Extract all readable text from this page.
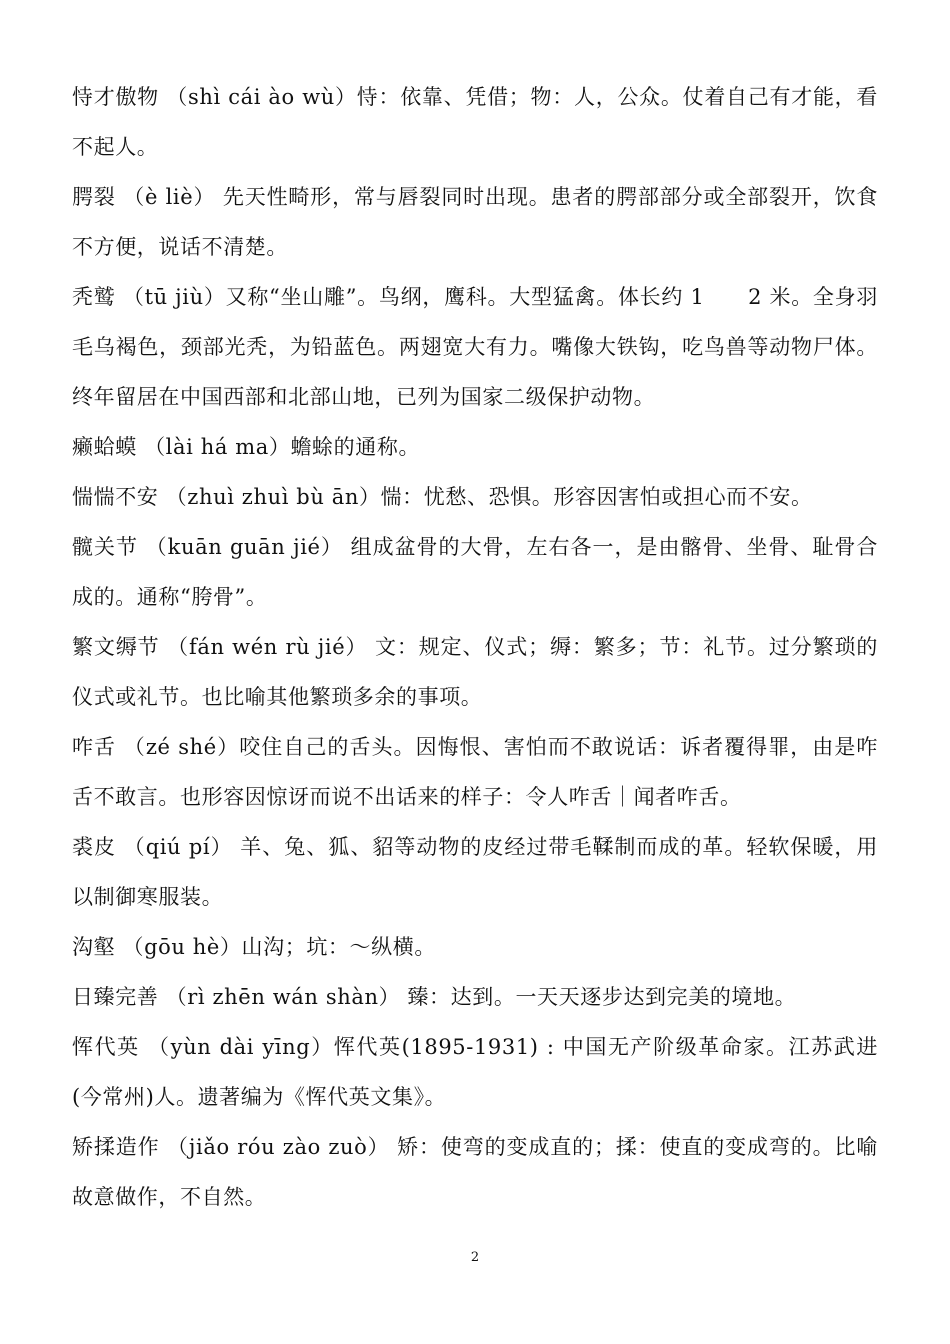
恃才傲物 （shì cái ào wù）恃：依靠、凭借；物：人，公众。仗着自己有才能，看不起人。

腭裂 （è liè） 先天性畸形，常与唇裂同时出现。患者的腭部部分或全部裂开，饮食不方便，说话不清楚。

秃鹫 （tū jiù）又称“坐山雕”。鸟纲，鹰科。大型猛禽。体长约 1　　2 米。全身羽毛乌褐色，颈部光秃，为铅蓝色。两翅宽大有力。嘴像大铁钩，吃鸟兽等动物尸体。终年留居在中国西部和北部山地，已列为国家二级保护动物。

癞蛤蟆 （lài há ma）蟾蜍的通称。

惴惴不安 （zhuì zhuì bù ān）惴：忧愁、恐惧。形容因害怕或担心而不安。

髋关节 （kuān guān jié） 组成盆骨的大骨，左右各一，是由髂骨、坐骨、耻骨合成的。通称“胯骨”。

繁文缛节 （fán wén rù jié） 文：规定、仪式；缛：繁多；节：礼节。过分繁琐的仪式或礼节。也比喻其他繁琐多余的事项。

咋舌 （zé shé）咬住自己的舌头。因悔恨、害怕而不敢说话：诉者覆得罪，由是咋舌不敢言。也形容因惊讶而说不出话来的样子：令人咋舌｜闻者咋舌。

裘皮 （qiú pí） 羊、兔、狐、貂等动物的皮经过带毛鞣制而成的革。轻软保暖，用以制御寒服装。

沟壑 （gōu hè）山沟；坑：～纵横。

日臻完善 （rì zhēn wán shàn） 臻：达到。一天天逐步达到完美的境地。

恽代英 （yùn dài yīng）恽代英(1895-1931) : 中国无产阶级革命家。江苏武进(今常州)人。遗著编为《恽代英文集》。

矫揉造作 （jiǎo róu zào zuò） 矫：使弯的变成直的；揉：使直的变成弯的。比喻故意做作，不自然。

2
